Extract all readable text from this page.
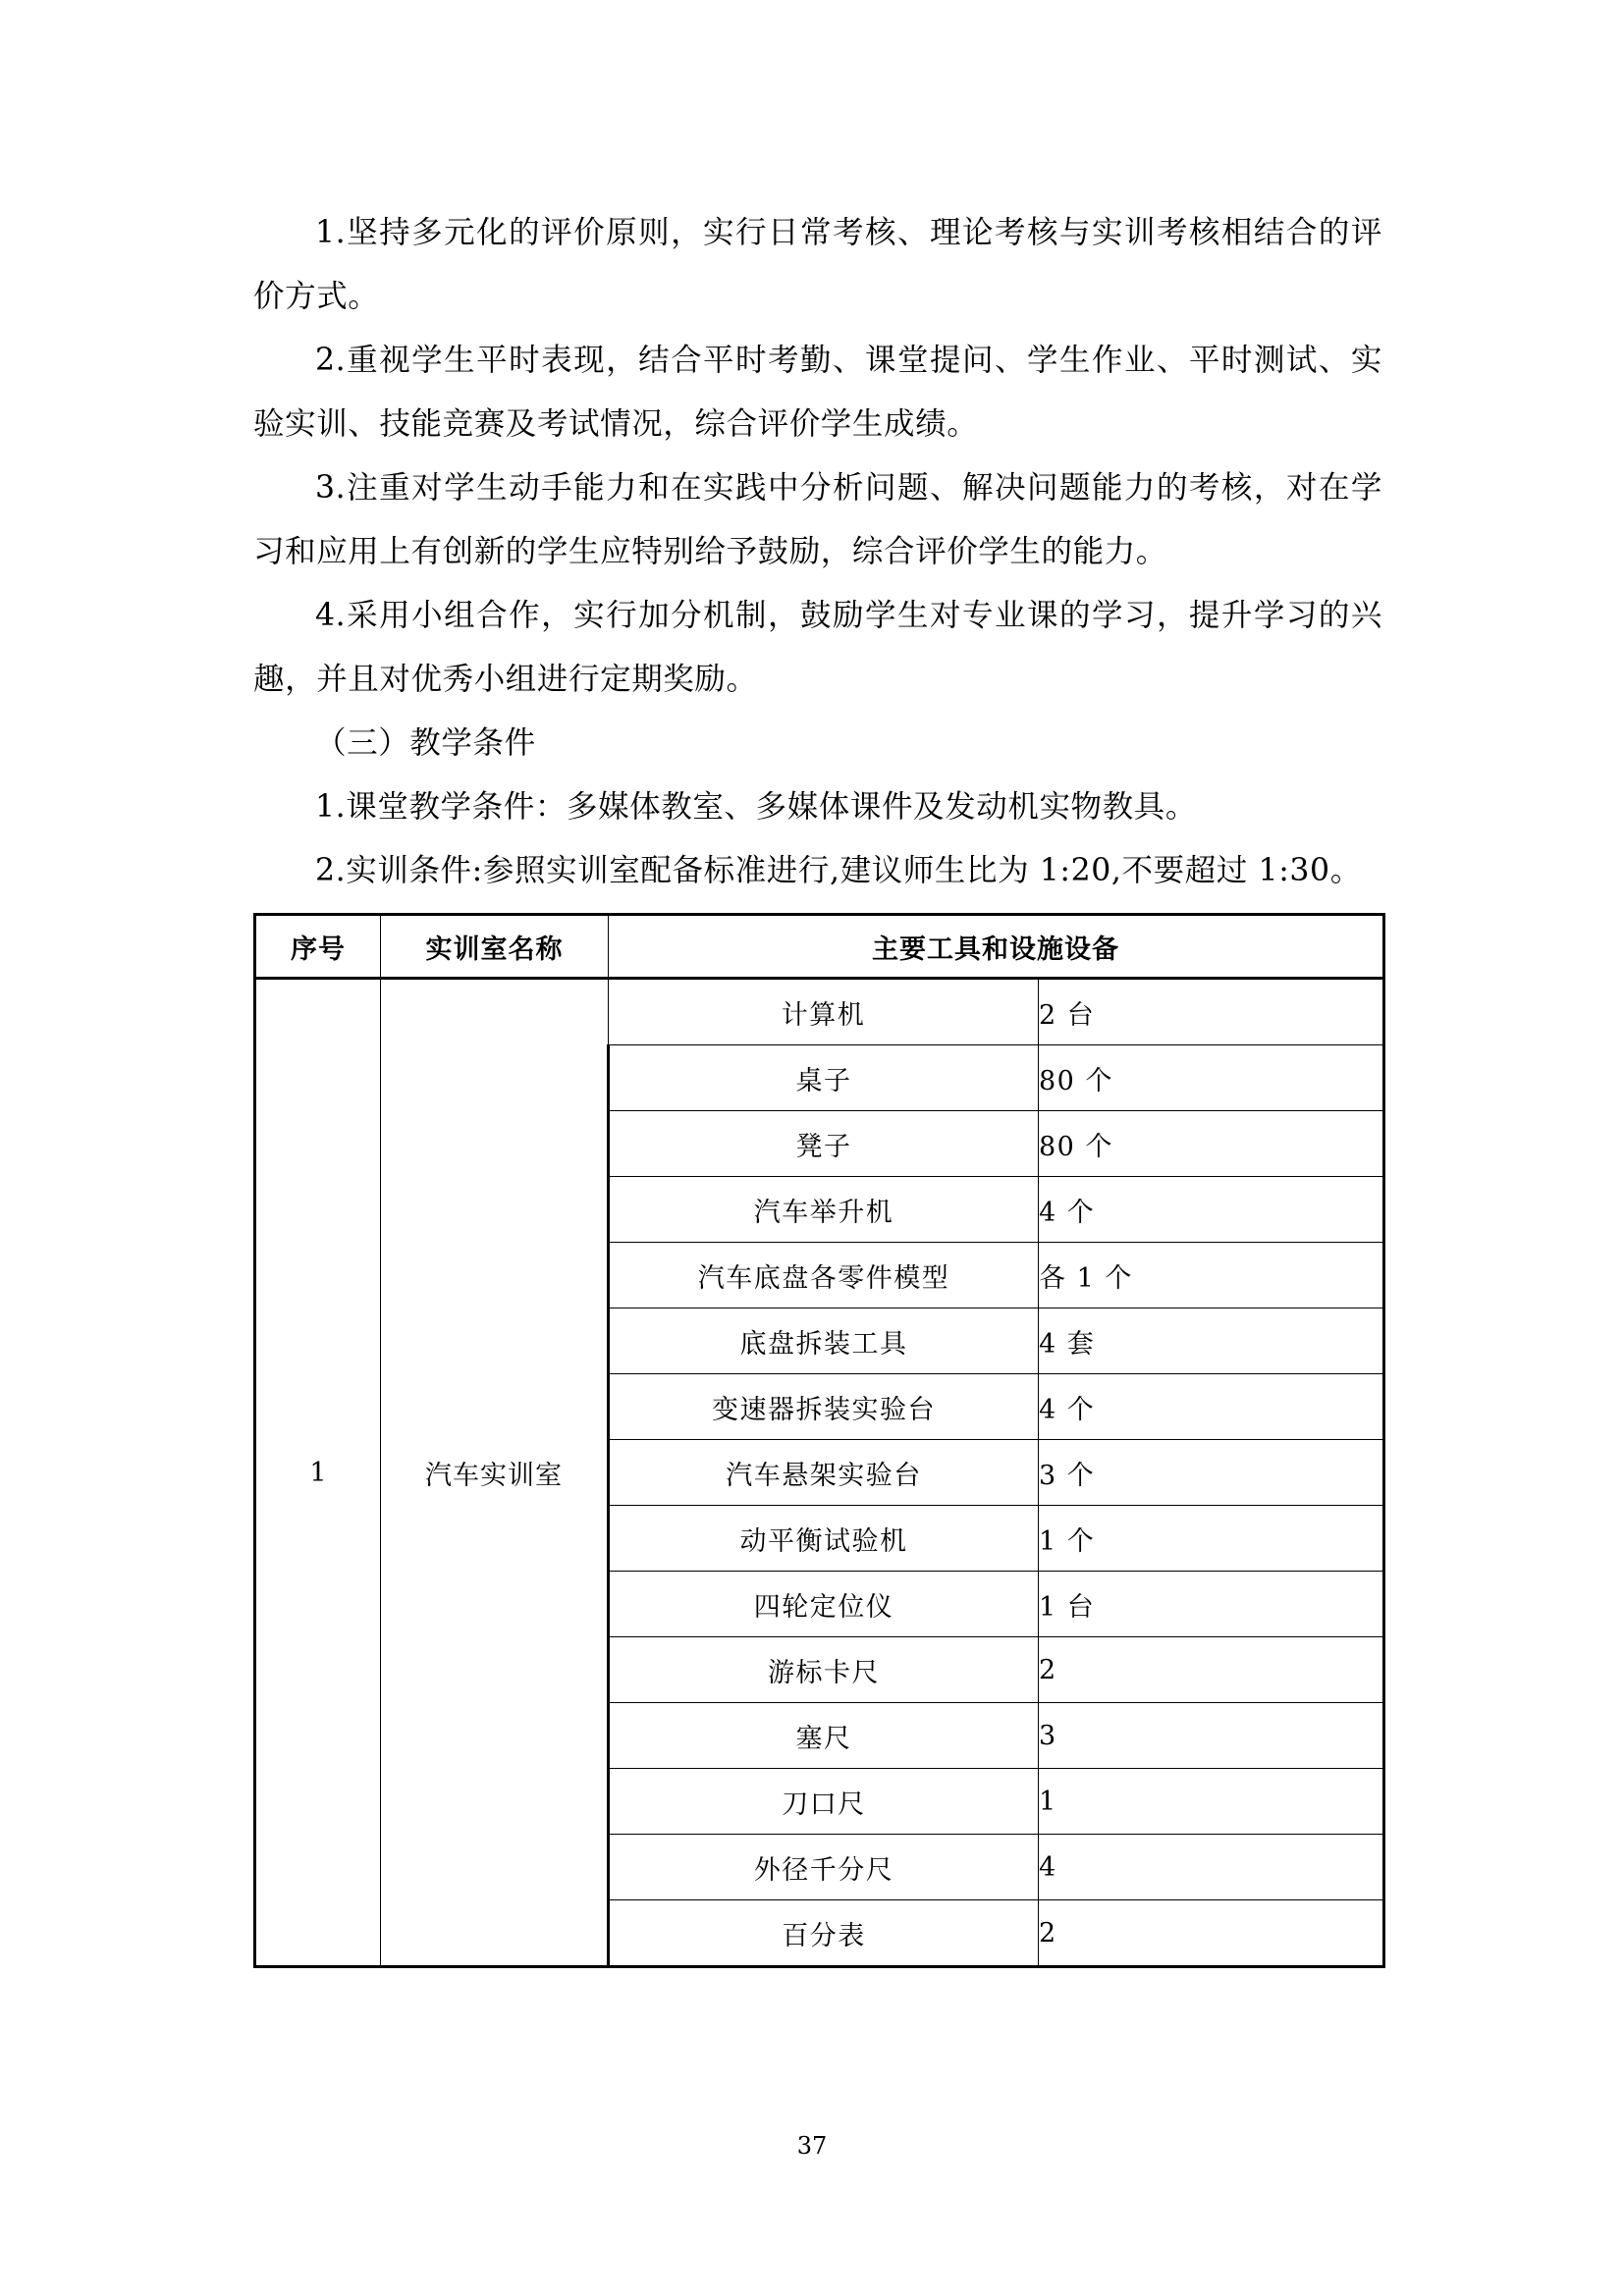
1.坚持多元化的评价原则，实行日常考核、理论考核与实训考核相结合的评价方式。

2.重视学生平时表现，结合平时考勤、课堂提问、学生作业、平时测试、实验实训、技能竞赛及考试情况，综合评价学生成绩。

3.注重对学生动手能力和在实践中分析问题、解决问题能力的考核，对在学习和应用上有创新的学生应特别给予鼓励，综合评价学生的能力。

4.采用小组合作，实行加分机制，鼓励学生对专业课的学习，提升学习的兴趣，并且对优秀小组进行定期奖励。

（三）教学条件

1.课堂教学条件：多媒体教室、多媒体课件及发动机实物教具。

2.实训条件:参照实训室配备标准进行,建议师生比为 1:20,不要超过 1:30。

序号	实训室名称	主要工具和设施设备	
1	汽车实训室	计算机	2 台
		桌子	80 个
		凳子	80 个
		汽车举升机	4 个
		汽车底盘各零件模型	各 1 个
		底盘拆装工具	4 套
		变速器拆装实验台	4 个
		汽车悬架实验台	3 个
		动平衡试验机	1 个
		四轮定位仪	1 台
		游标卡尺	2
		塞尺	3
		刀口尺	1
		外径千分尺	4
		百分表	2
37
